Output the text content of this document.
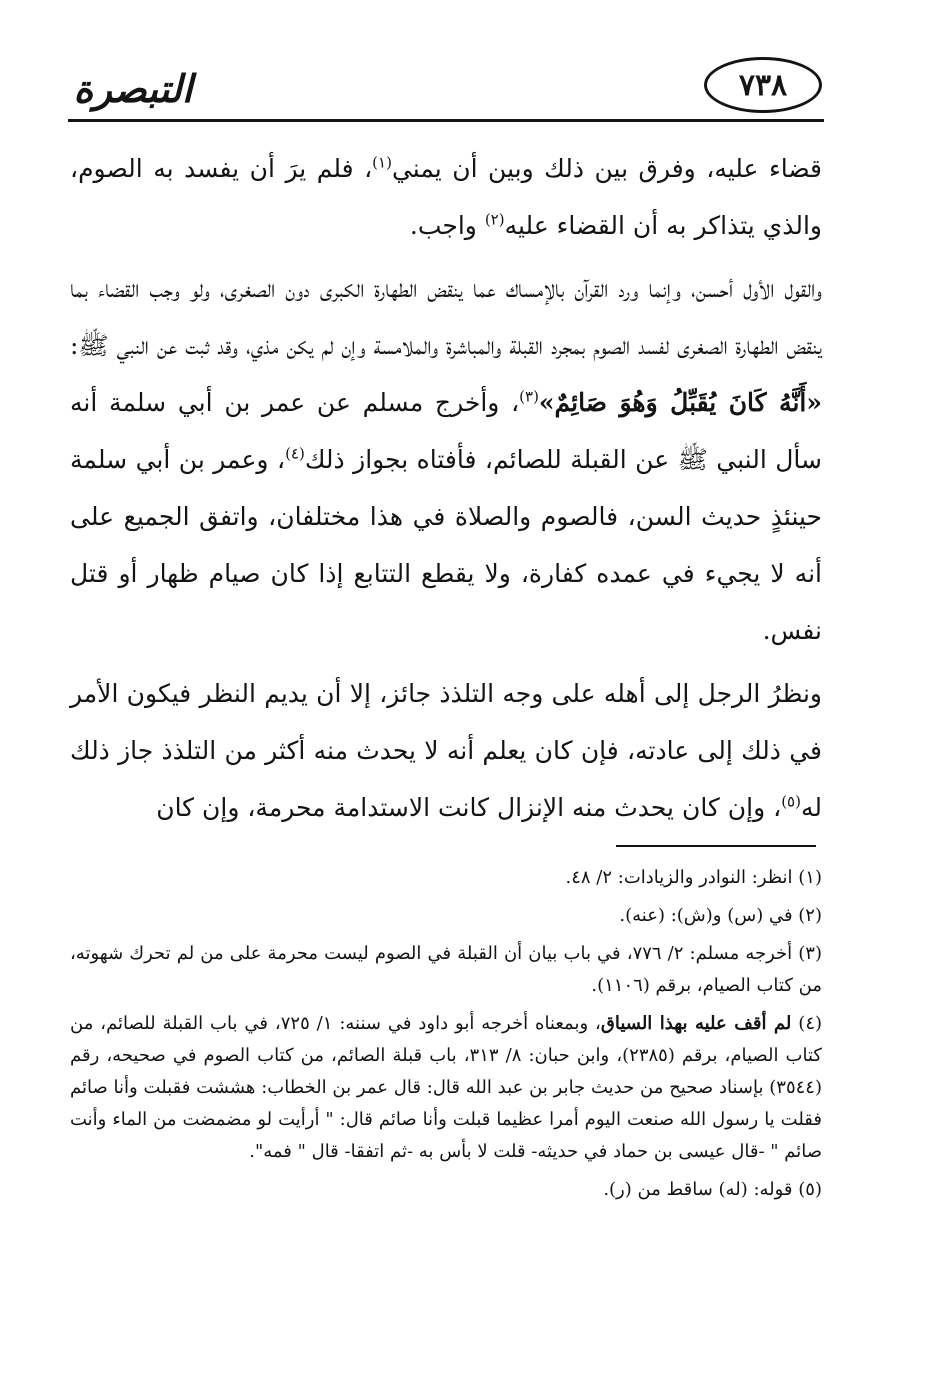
التبصرة	٧٣٨

قضاء عليه، وفرق بين ذلك وبين أن يمني$^{(١)}$، فلم يرَ أن يفسد به الصوم، والذي يتذاكر به أن القضاء عليه$^{(٢)}$ واجب.

والقول الأول أحسن، وإنما ورد القرآن بالإمساك عما ينقض الطهارة الكبرى دون الصغرى، ولو وجب القضاء بما ينقض الطهارة الصغرى لفسد الصوم بمجرد القبلة والمباشرة والملامسة وإن لم يكن مذي، وقد ثبت عن النبي ﷺ: «أَنَّهُ كَانَ يُقَبِّلُ وَهُوَ صَائِمٌ»$^{(٣)}$، وأخرج مسلم عن عمر بن أبي سلمة أنه سأل النبي ﷺ عن القبلة للصائم، فأفتاه بجواز ذلك$^{(٤)}$، وعمر بن أبي سلمة حينئذٍ حديث السن، فالصوم والصلاة في هذا مختلفان، واتفق الجميع على أنه لا يجيء في عمده كفارة، ولا يقطع التتابع إذا كان صيام ظهار أو قتل نفس.

ونظرُ الرجل إلى أهله على وجه التلذذ جائز، إلا أن يديم النظر فيكون الأمر في ذلك إلى عادته، فإن كان يعلم أنه لا يحدث منه أكثر من التلذذ جاز ذلك له$^{(٥)}$، وإن كان يحدث منه الإنزال كانت الاستدامة محرمة، وإن كان

(١) انظر: النوادر والزيادات: ٢/ ٤٨.

(٢) في (س) و(ش): (عنه).

(٣) أخرجه مسلم: ٢/ ٧٧٦، في باب بيان أن القبلة في الصوم ليست محرمة على من لم تحرك شهوته، من كتاب الصيام، برقم (١١٠٦).

(٤) لم أقف عليه بهذا السياق، وبمعناه أخرجه أبو داود في سننه: ١/ ٧٢٥، في باب القبلة للصائم، من كتاب الصيام، برقم (٢٣٨٥)، وابن حبان: ٨/ ٣١٣، باب قبلة الصائم، من كتاب الصوم في صحيحه، رقم (٣٥٤٤) بإسناد صحيح من حديث جابر بن عبد الله قال: قال عمر بن الخطاب: هششت فقبلت وأنا صائم فقلت يا رسول الله صنعت اليوم أمرا عظيما قبلت وأنا صائم قال: " أرأيت لو مضمضت من الماء وأنت صائم " -قال عيسى بن حماد في حديثه- قلت لا بأس به -ثم اتفقا- قال " فمه".

(٥) قوله: (له) ساقط من (ر).
